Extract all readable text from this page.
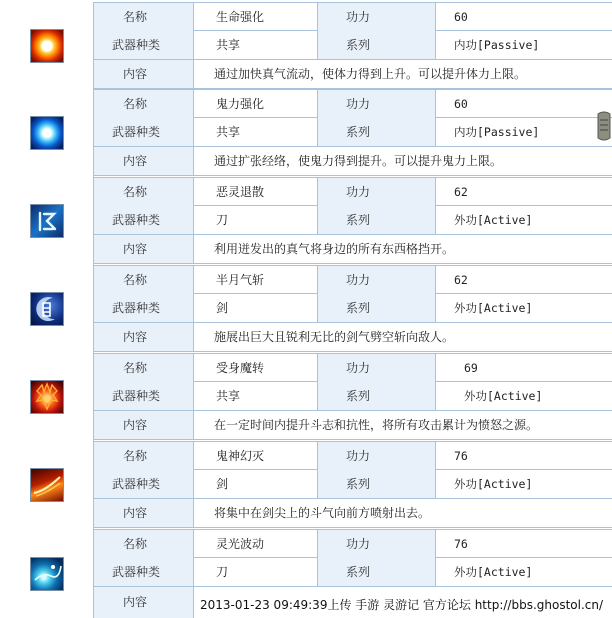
名称	生命强化	功力	60
武器种类	共享	系列	内功[Passive]
内容	通过加快真气流动，使体力得到上升。可以提升体力上限。
名称	鬼力强化	功力	60
武器种类	共享	系列	内功[Passive]
内容	通过扩张经络，使鬼力得到提升。可以提升鬼力上限。
名称	恶灵退散	功力	62
武器种类	刀	系列	外功[Active]
内容	利用迸发出的真气将身边的所有东西格挡开。
名称	半月气斩	功力	62
武器种类	剑	系列	外功[Active]
内容	施展出巨大且锐利无比的剑气劈空斩向敌人。
名称	受身魔转	功力	69
武器种类	共享	系列	外功[Active]
内容	在一定时间内提升斗志和抗性，将所有攻击累计为愤怒之源。
名称	鬼神幻灭	功力	76
武器种类	剑	系列	外功[Active]
内容	将集中在剑尖上的斗气向前方喷射出去。
名称	灵光波动	功力	76
武器种类	刀	系列	外功[Active]
内容	2013-01-23 09:49:39上传 手游 灵游记 官方论坛 http://bbs.ghostol.cn/
